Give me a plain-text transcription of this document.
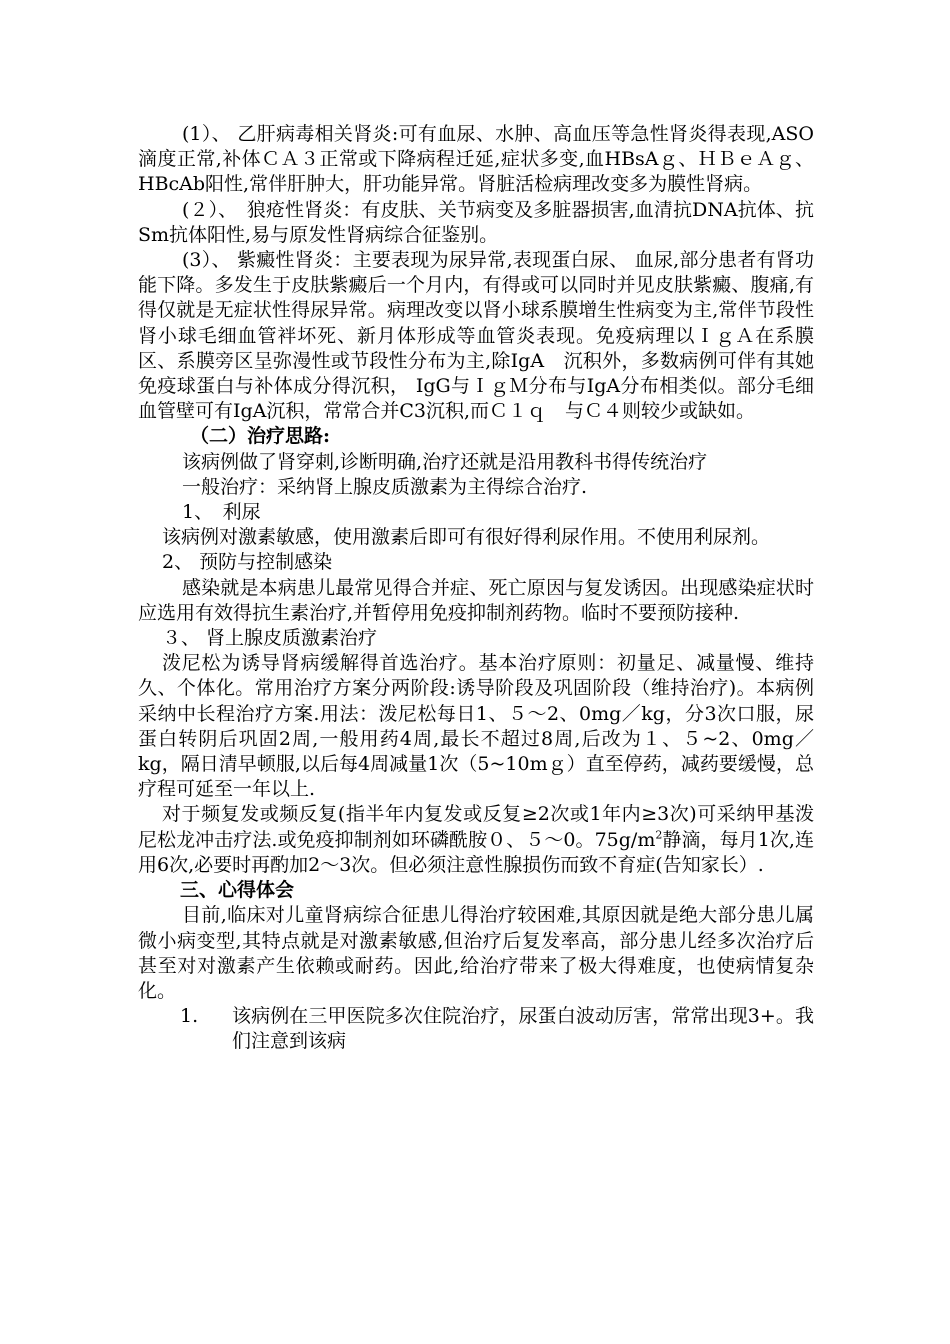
(1）、 乙肝病毒相关肾炎:可有血尿、水肿、高血压等急性肾炎得表现,ASO滴度正常,补体ＣＡ３正常或下降病程迁延,症状多变,血HBsAｇ、ＨＢｅＡｇ、HBcAb阳性,常伴肝肿大，肝功能异常。肾脏活检病理改变多为膜性肾病。

(２）、　狼疮性肾炎：有皮肤、关节病变及多脏器损害,血清抗DNA抗体、抗Sm抗体阳性,易与原发性肾病综合征鉴别。

(3）、 紫癜性肾炎：主要表现为尿异常,表现蛋白尿、 血尿,部分患者有肾功能下降。多发生于皮肤紫癜后一个月内，有得或可以同时并见皮肤紫癜、腹痛,有得仅就是无症状性得尿异常。病理改变以肾小球系膜增生性病变为主,常伴节段性肾小球毛细血管袢坏死、新月体形成等血管炎表现。免疫病理以ＩｇＡ在系膜区、系膜旁区呈弥漫性或节段性分布为主,除IgA　沉积外，多数病例可伴有其她免疫球蛋白与补体成分得沉积， IgG与ＩｇＭ分布与IgA分布相类似。部分毛细血管壁可有IgA沉积，常常合并C3沉积,而Ｃ１ｑ　与Ｃ４则较少或缺如。

（二）治疗思路:

该病例做了肾穿刺,诊断明确,治疗还就是沿用教科书得传统治疗

一般治疗：采纳肾上腺皮质激素为主得综合治疗.

1、　利尿

该病例对激素敏感，使用激素后即可有很好得利尿作用。不使用利尿剂。

2、 预防与控制感染

感染就是本病患儿最常见得合并症、死亡原因与复发诱因。出现感染症状时应选用有效得抗生素治疗,并暂停用免疫抑制剂药物。临时不要预防接种.

３、 肾上腺皮质激素治疗

泼尼松为诱导肾病缓解得首选治疗。基本治疗原则：初量足、减量慢、维持久、个体化。常用治疗方案分两阶段:诱导阶段及巩固阶段（维持治疗)。本病例采纳中长程治疗方案.用法：泼尼松每日1、５～2、0mg／kg，分3次口服，尿蛋白转阴后巩固2周,一般用药4周,最长不超过8周,后改为１、５~2、0mg／kg，隔日清早顿服,以后每4周减量1次（5~10mｇ）直至停药，减药要缓慢，总疗程可延至一年以上.

对于频复发或频反复(指半年内复发或反复≥2次或1年内≥3次)可采纳甲基泼尼松龙冲击疗法.或免疫抑制剂如环磷酰胺０、５～0。$75g/m^2$静滴，每月1次,连用6次,必要时再酌加2～3次。但必须注意性腺损伤而致不育症(告知家长）.

三、心得体会

目前,临床对儿童肾病综合征患儿得治疗较困难,其原因就是绝大部分患儿属微小病变型,其特点就是对激素敏感,但治疗后复发率高，部分患儿经多次治疗后甚至对对激素产生依赖或耐药。因此,给治疗带来了极大得难度，也使病情复杂化。

1.	该病例在三甲医院多次住院治疗，尿蛋白波动厉害，常常出现3+。我们注意到该病
